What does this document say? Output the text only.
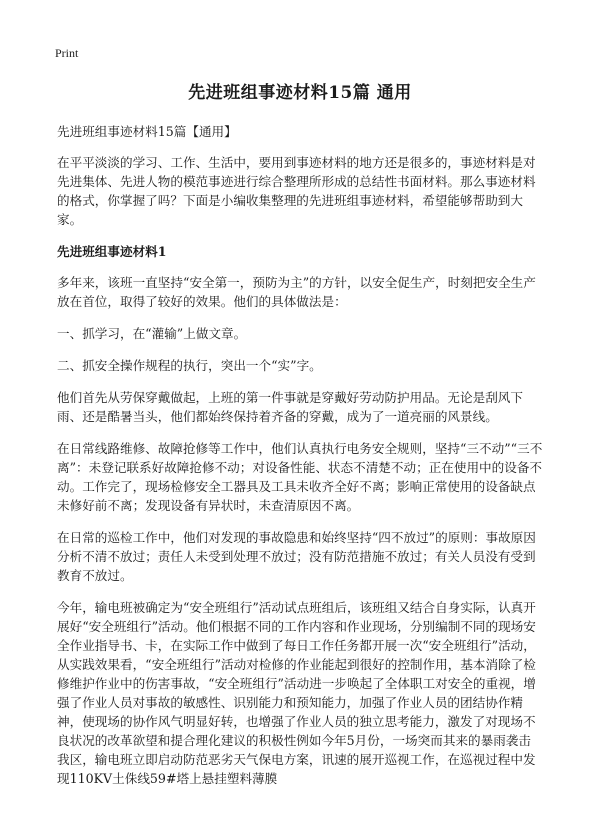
Print
先进班组事迹材料15篇 通用

先进班组事迹材料15篇【通用】

在平平淡淡的学习、工作、生活中，要用到事迹材料的地方还是很多的，事迹材料是对先进集体、先进人物的模范事迹进行综合整理所形成的总结性书面材料。那么事迹材料的格式，你掌握了吗？下面是小编收集整理的先进班组事迹材料，希望能够帮助到大家。

先进班组事迹材料1

多年来，该班一直坚持“安全第一，预防为主”的方针，以安全促生产，时刻把安全生产放在首位，取得了较好的效果。他们的具体做法是：

一、抓学习，在“灌输”上做文章。

二、抓安全操作规程的执行，突出一个“实”字。

他们首先从劳保穿戴做起，上班的第一件事就是穿戴好劳动防护用品。无论是刮风下雨、还是酷暑当头，他们都始终保持着齐备的穿戴，成为了一道亮丽的风景线。

在日常线路维修、故障抢修等工作中，他们认真执行电务安全规则，坚持“三不动”“三不离”：未登记联系好故障抢修不动；对设备性能、状态不清楚不动；正在使用中的设备不动。工作完了，现场检修安全工器具及工具未收齐全好不离；影响正常使用的设备缺点未修好前不离；发现设备有异状时，未查清原因不离。

在日常的巡检工作中，他们对发现的事故隐患和始终坚持“四不放过”的原则：事故原因分析不清不放过；责任人未受到处理不放过；没有防范措施不放过；有关人员没有受到教育不放过。

今年，输电班被确定为“安全班组行”活动试点班组后，该班组又结合自身实际，认真开展好“安全班组行”活动。他们根据不同的工作内容和作业现场，分别编制不同的现场安全作业指导书、卡，在实际工作中做到了每日工作任务都开展一次“安全班组行”活动，从实践效果看，“安全班组行”活动对检修的作业能起到很好的控制作用，基本消除了检修维护作业中的伤害事故，“安全班组行”活动进一步唤起了全体职工对安全的重视，增强了作业人员对事故的敏感性、识别能力和预知能力，加强了作业人员的团结协作精神，使现场的协作风气明显好转，也增强了作业人员的独立思考能力，激发了对现场不良状况的改革欲望和提合理化建议的积极性例如今年5月份，一场突而其来的暴雨袭击我区，输电班立即启动防范恶劣天气保电方案，讯速的展开巡视工作，在巡视过程中发现110KV土侏线59#塔上悬挂塑料薄膜
